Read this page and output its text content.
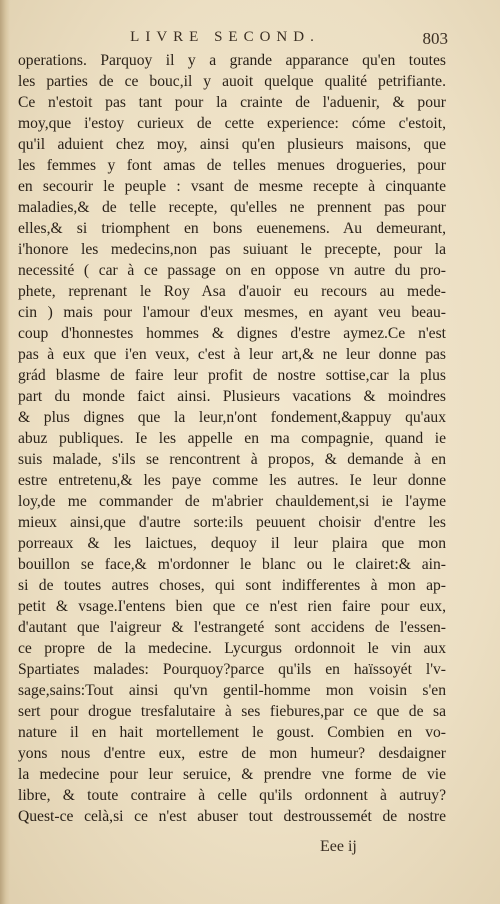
LIVRE SECOND.	803
operations. Parquoy il y a grande apparance qu'en toutes
les parties de ce bouc,il y auoit quelque qualité petrifiante.
Ce n'estoit pas tant pour la crainte de l'aduenir, & pour
moy,que i'estoy curieux de cette experience: cóme c'estoit,
qu'il aduient chez moy, ainsi qu'en plusieurs maisons, que
les femmes y font amas de telles menues drogueries, pour
en secourir le peuple : vsant de mesme recepte à cinquante
maladies,& de telle recepte, qu'elles ne prennent pas pour
elles,& si triomphent en bons euenemens. Au demeurant,
i'honore les medecins,non pas suiuant le precepte, pour la
necessité ( car à ce passage on en oppose vn autre du pro-
phete, reprenant le Roy Asa d'auoir eu recours au mede-
cin ) mais pour l'amour d'eux mesmes, en ayant veu beau-
coup d'honnestes hommes & dignes d'estre aymez.Ce n'est
pas à eux que i'en veux, c'est à leur art,& ne leur donne pas
grád blasme de faire leur profit de nostre sottise,car la plus
part du monde faict ainsi. Plusieurs vacations & moindres
& plus dignes que la leur,n'ont fondement,&appuy qu'aux
abuz publiques. Ie les appelle en ma compagnie, quand ie
suis malade, s'ils se rencontrent à propos, & demande à en
estre entretenu,& les paye comme les autres. Ie leur donne
loy,de me commander de m'abrier chauldement,si ie l'ayme
mieux ainsi,que d'autre sorte:ils peuuent choisir d'entre les
porreaux & les laictues, dequoy il leur plaira que mon
bouillon se face,& m'ordonner le blanc ou le clairet:& ain-
si de toutes autres choses, qui sont indifferentes à mon ap-
petit & vsage.I'entens bien que ce n'est rien faire pour eux,
d'autant que l'aigreur & l'estrangeté sont accidens de l'essen-
ce propre de la medecine. Lycurgus ordonnoit le vin aux
Spartiates malades: Pourquoy?parce qu'ils en haïssoyét l'v-
sage,sains:Tout ainsi qu'vn gentil-homme mon voisin s'en
sert pour drogue tresfalutaire à ses fiebures,par ce que de sa
nature il en hait mortellement le goust. Combien en vo-
yons nous d'entre eux, estre de mon humeur? desdaigner
la medecine pour leur seruice, & prendre vne forme de vie
libre, & toute contraire à celle qu'ils ordonnent à autruy?
Quest-ce celà,si ce n'est abuser tout destroussemét de nostre
Eee ij
